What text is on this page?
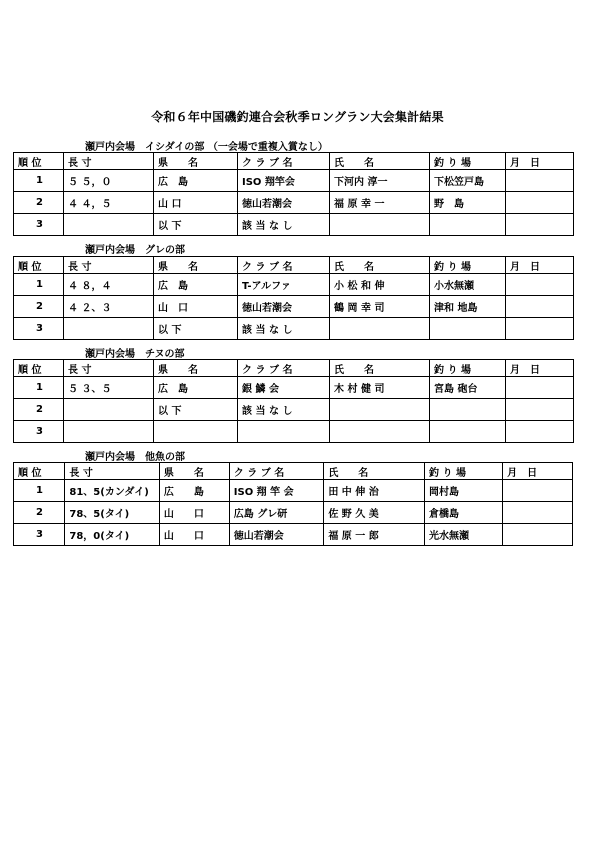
令和６年中国磯釣連合会秋季ロングラン大会集計結果
瀬戸内会場　イシダイの部 （一会場で重複入賞なし）
順 位	長 寸	県　　名	ク ラ ブ 名	氏　　名	釣 り 場	月　日
1	５ ５，０	広　島	ISO 翔竿会	下河内 淳一	下松笠戸島	
2	４ ４，５	山 口	徳山若潮会	福 原 幸 一	野　島	
3		以 下	該 当 な し			
瀬戸内会場　グレの部
順 位	長 寸	県　　名	ク ラ ブ 名	氏　　名	釣 り 場	月　日
1	４ ８，４	広　島	T-アルファ	小 松 和 伸	小水無瀬	
2	４ ２、３	山　口	徳山若潮会	鶴 岡 幸 司	津和 地島	
3		以 下	該 当 な し			
瀬戸内会場　チヌの部
順 位	長 寸	県　　名	ク ラ ブ 名	氏　　名	釣 り 場	月　日
1	５ ３、５	広　島	銀 鱗 会	木 村 健 司	宮島 砲台	
2		以 下	該 当 な し			
3						
瀬戸内会場　他魚の部
順 位	長 寸	県　　名	ク ラ ブ 名	氏　　名	釣 り 場	月　日
1	81、5(カンダイ)	広　　島	ISO 翔 竿 会	田 中 伸 治	岡村島	
2	78、5(タイ)	山　　口	広島 グレ研	佐 野 久 美	倉橋島	
3	78，0(タイ)	山　　口	徳山若潮会	福 原 一 郎	光水無瀬	
